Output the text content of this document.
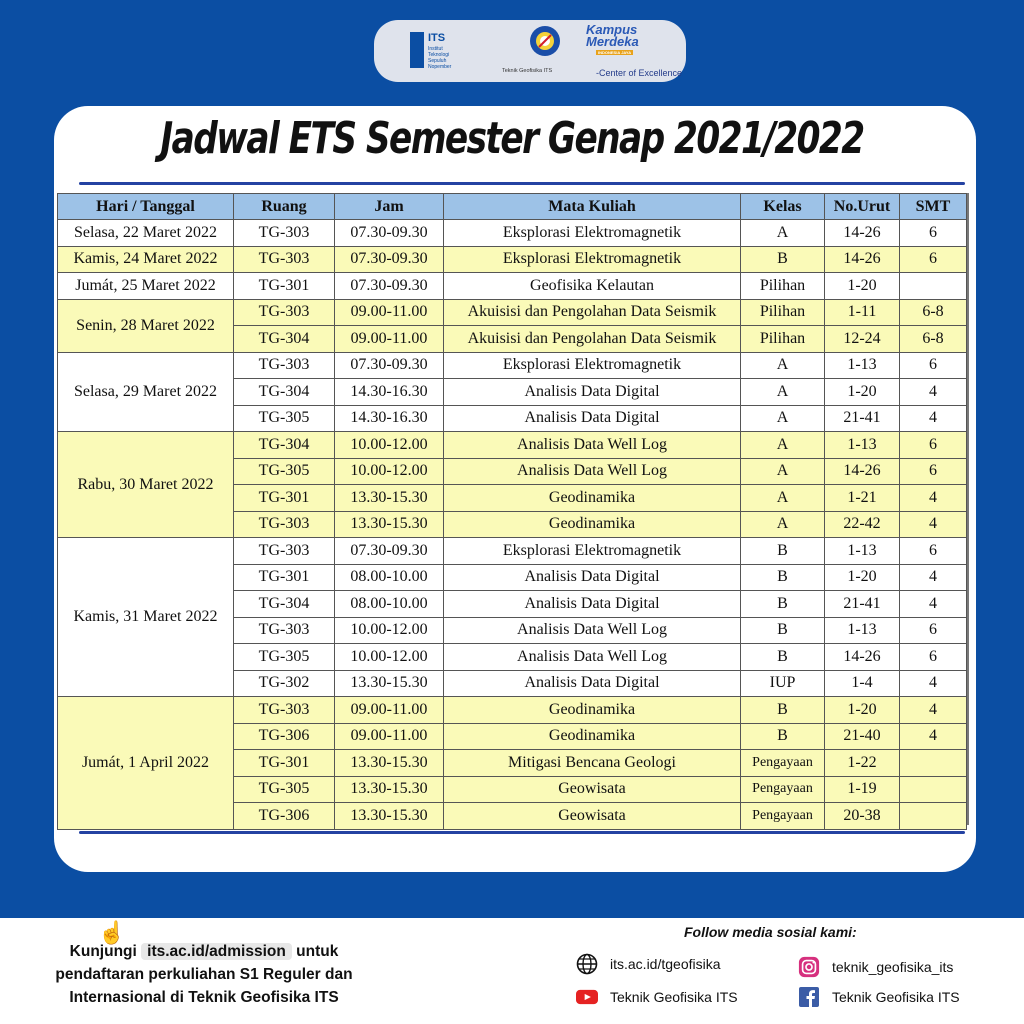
ITS
Institut Teknologi Sepuluh Nopember
Teknik Geofisika ITS
Kampus Merdeka
INDONESIA JAYA
-Center of Excellence
Jadwal ETS Semester Genap 2021/2022
Hari / Tanggal	Ruang	Jam	Mata Kuliah	Kelas	No.Urut	SMT
Selasa, 22 Maret 2022	TG-303	07.30-09.30	Eksplorasi Elektromagnetik	A	14-26	6
Kamis, 24 Maret 2022	TG-303	07.30-09.30	Eksplorasi Elektromagnetik	B	14-26	6
Jumát, 25 Maret 2022	TG-301	07.30-09.30	Geofisika Kelautan	Pilihan	1-20	
Senin, 28 Maret 2022	TG-303	09.00-11.00	Akuisisi dan Pengolahan Data Seismik	Pilihan	1-11	6-8
	TG-304	09.00-11.00	Akuisisi dan Pengolahan Data Seismik	Pilihan	12-24	6-8
Selasa, 29 Maret 2022	TG-303	07.30-09.30	Eksplorasi Elektromagnetik	A	1-13	6
	TG-304	14.30-16.30	Analisis Data Digital	A	1-20	4
	TG-305	14.30-16.30	Analisis Data Digital	A	21-41	4
Rabu, 30 Maret 2022	TG-304	10.00-12.00	Analisis Data Well Log	A	1-13	6
	TG-305	10.00-12.00	Analisis Data Well Log	A	14-26	6
	TG-301	13.30-15.30	Geodinamika	A	1-21	4
	TG-303	13.30-15.30	Geodinamika	A	22-42	4
Kamis, 31 Maret 2022	TG-303	07.30-09.30	Eksplorasi Elektromagnetik	B	1-13	6
	TG-301	08.00-10.00	Analisis Data Digital	B	1-20	4
	TG-304	08.00-10.00	Analisis Data Digital	B	21-41	4
	TG-303	10.00-12.00	Analisis Data Well Log	B	1-13	6
	TG-305	10.00-12.00	Analisis Data Well Log	B	14-26	6
	TG-302	13.30-15.30	Analisis Data Digital	IUP	1-4	4
Jumát, 1 April 2022	TG-303	09.00-11.00	Geodinamika	B	1-20	4
	TG-306	09.00-11.00	Geodinamika	B	21-40	4
	TG-301	13.30-15.30	Mitigasi Bencana Geologi	Pengayaan	1-22	
	TG-305	13.30-15.30	Geowisata	Pengayaan	1-19	
	TG-306	13.30-15.30	Geowisata	Pengayaan	20-38	
☝
Kunjungi its.ac.id/admission untuk
pendaftaran perkuliahan S1 Reguler dan
Internasional di Teknik Geofisika ITS
Follow media sosial kami:
its.ac.id/tgeofisika	teknik_geofisika_its
Teknik Geofisika ITS	Teknik Geofisika ITS
